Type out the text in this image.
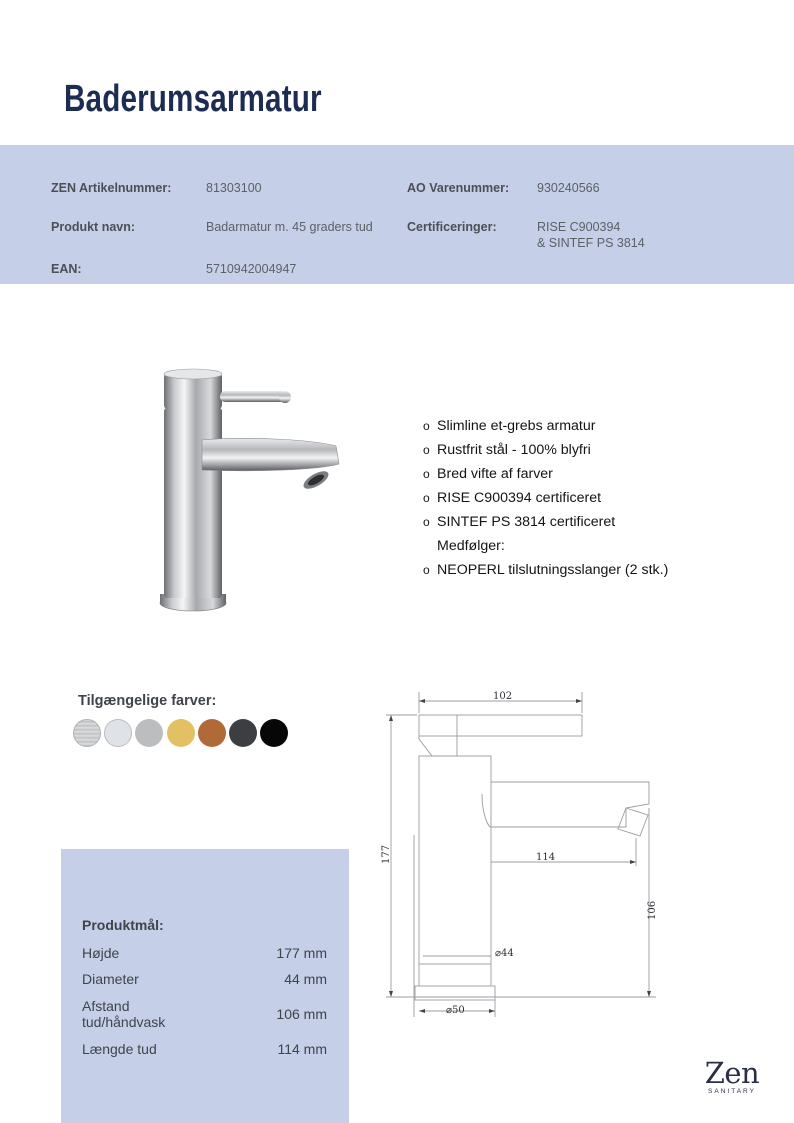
Baderumsarmatur
ZEN Artikelnummer:	81303100	AO Varenummer: 930240566
Produkt navn:	Badarmatur m. 45 graders tud	Certificeringer:	RISE C900394
& SINTEF PS 3814
EAN:	5710942004947
o Slimline et-grebs armatur
o Rustfrit stål - 100% blyfri
o Bred vifte af farver
o RISE C900394 certificeret
o SINTEF PS 3814 certificeret
Medfølger:
o NEOPERL tilslutningsslanger (2 stk.)
Tilgængelige farver:
Produktmål:
Højde	177 mm
Diameter	44 mm
Afstand
tud/håndvask	106 mm
Længde tud	114 mm
102
177	114
106
⌀44
⌀50
Zen
SANITARY
